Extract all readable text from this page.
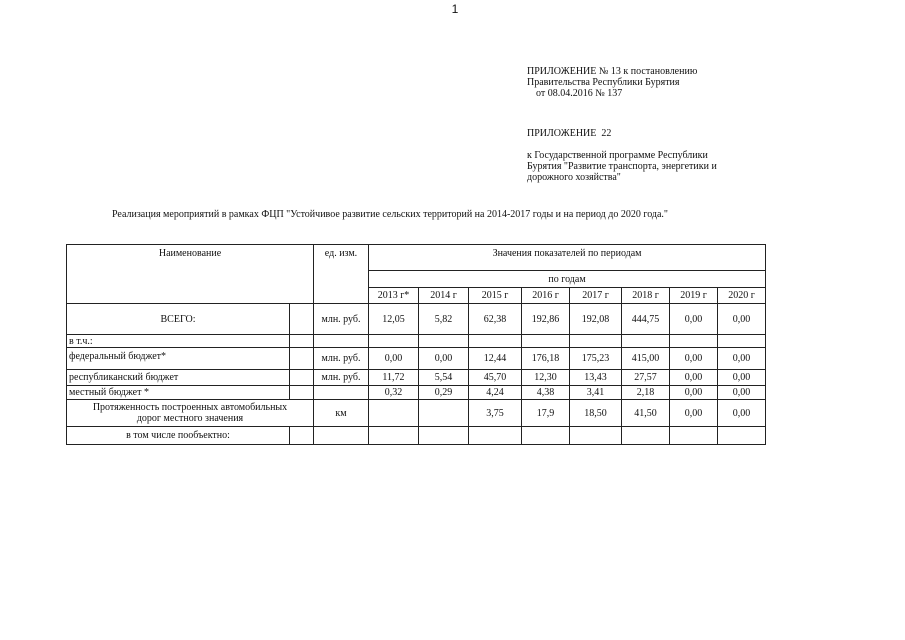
1
ПРИЛОЖЕНИЕ № 13 к постановлению
Правительства Республики Бурятия
от 08.04.2016 № 137
ПРИЛОЖЕНИЕ  22
к Государственной программе Республики
Бурятия "Развитие транспорта, энергетики и
дорожного хозяйства"
Реализация мероприятий в рамках ФЦП "Устойчивое развитие сельских территорий на 2014-2017 годы и на период до 2020 года."
Наименование		ед. изм.	Значения показателей по периодам							
			по годам							
			2013 г*	2014 г	2015 г	2016 г	2017 г	2018 г	2019 г	2020 г
ВСЕГО:		млн. руб.	12,05	5,82	62,38	192,86	192,08	444,75	0,00	0,00
в т.ч.:										
федеральный бюджет*		млн. руб.	0,00	0,00	12,44	176,18	175,23	415,00	0,00	0,00
республиканский бюджет		млн. руб.	11,72	5,54	45,70	12,30	13,43	27,57	0,00	0,00
местный бюджет *			0,32	0,29	4,24	4,38	3,41	2,18	0,00	0,00

Протяженность построенных автомобильных
дорог местного значения		км			3,75	17,9	18,50	41,50	0,00	0,00
в том числе пообъектно:										
